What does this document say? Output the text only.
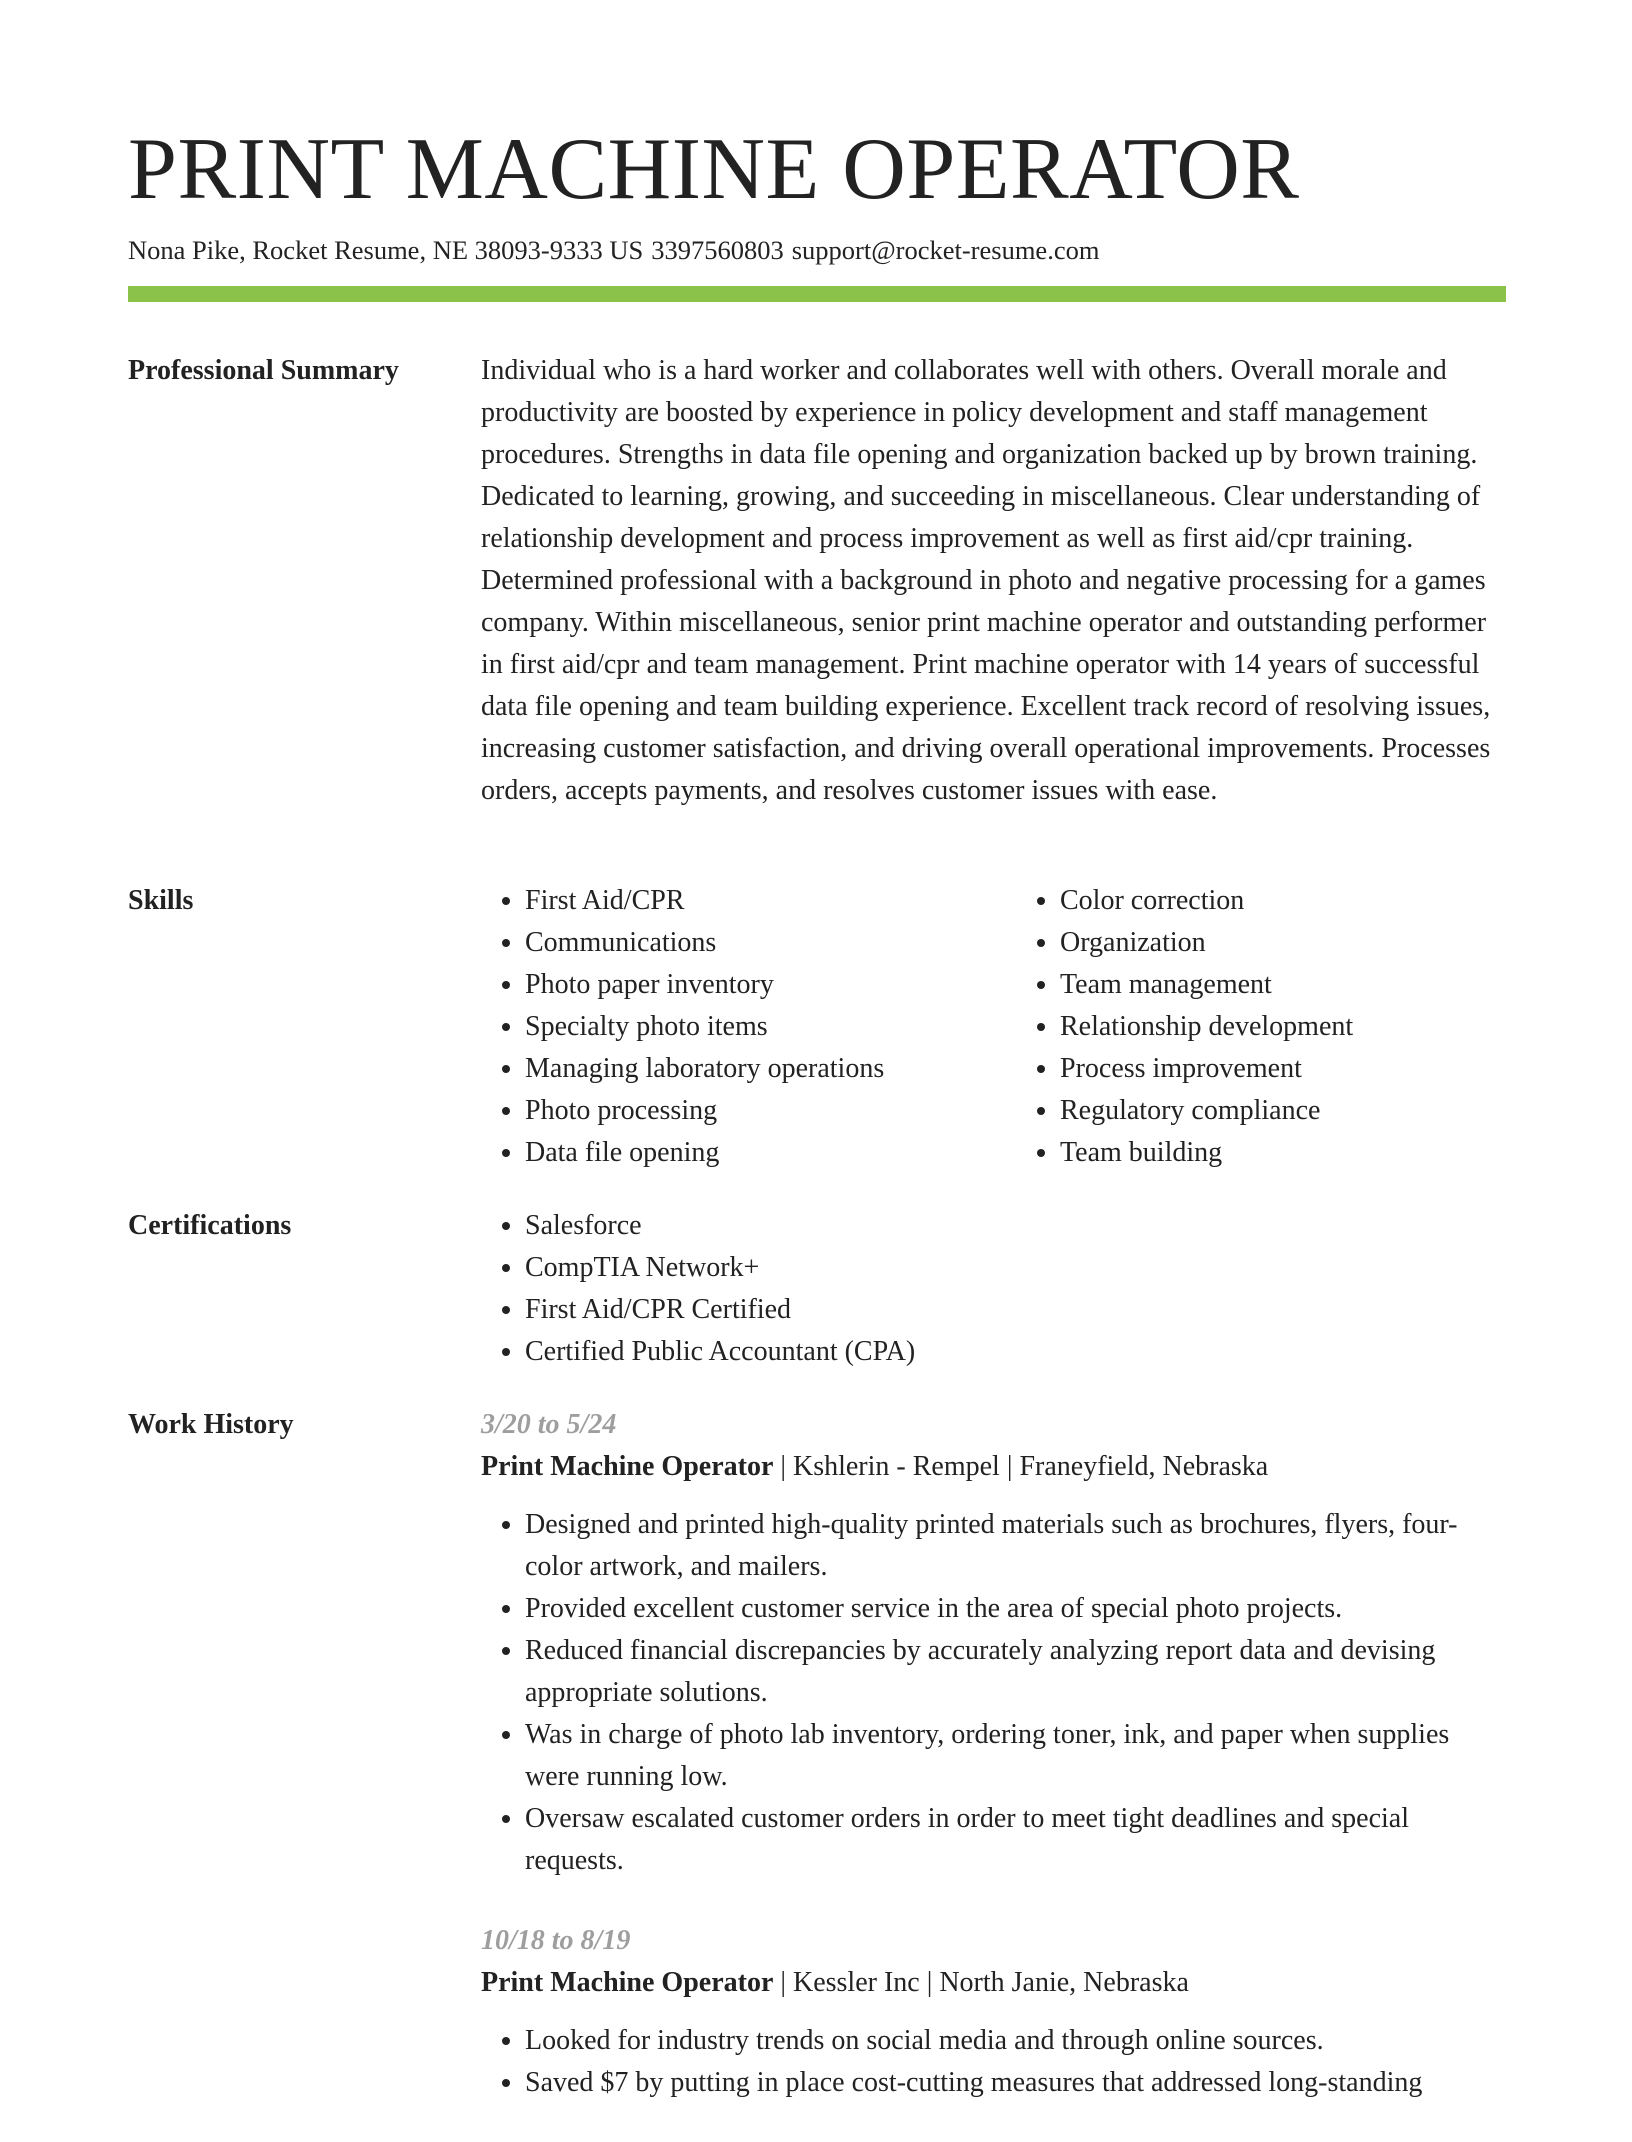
PRINT MACHINE OPERATOR
Nona Pike, Rocket Resume, NE 38093-9333 US 3397560803 support@rocket-resume.com
Professional Summary	Individual who is a hard worker and collaborates well with others. Overall morale and productivity are boosted by experience in policy development and staff management procedures. Strengths in data file opening and organization backed up by brown training. Dedicated to learning, growing, and succeeding in miscellaneous. Clear understanding of relationship development and process improvement as well as first aid/cpr training. Determined professional with a background in photo and negative processing for a games company. Within miscellaneous, senior print machine operator and outstanding performer in first aid/cpr and team management. Print machine operator with 14 years of successful data file opening and team building experience. Excellent track record of resolving issues, increasing customer satisfaction, and driving overall operational improvements. Processes orders, accepts payments, and resolves customer issues with ease.

Skills	• First Aid/CPR
• Communications
• Photo paper inventory
• Specialty photo items
• Managing laboratory operations
• Photo processing
• Data file opening
• Color correction
• Organization
• Team management
• Relationship development
• Process improvement
• Regulatory compliance
• Team building
Certifications	• Salesforce
• CompTIA Network+
• First Aid/CPR Certified
• Certified Public Accountant (CPA)
Work History	3/20 to 5/24
Print Machine Operator | Kshlerin - Rempel | Franeyfield, Nebraska
• Designed and printed high-quality printed materials such as brochures, flyers, four-color artwork, and mailers.
• Provided excellent customer service in the area of special photo projects.
• Reduced financial discrepancies by accurately analyzing report data and devising appropriate solutions.
• Was in charge of photo lab inventory, ordering toner, ink, and paper when supplies were running low.
• Oversaw escalated customer orders in order to meet tight deadlines and special requests.
10/18 to 8/19
Print Machine Operator | Kessler Inc | North Janie, Nebraska
• Looked for industry trends on social media and through online sources.
• Saved $7 by putting in place cost-cutting measures that addressed long-standing
